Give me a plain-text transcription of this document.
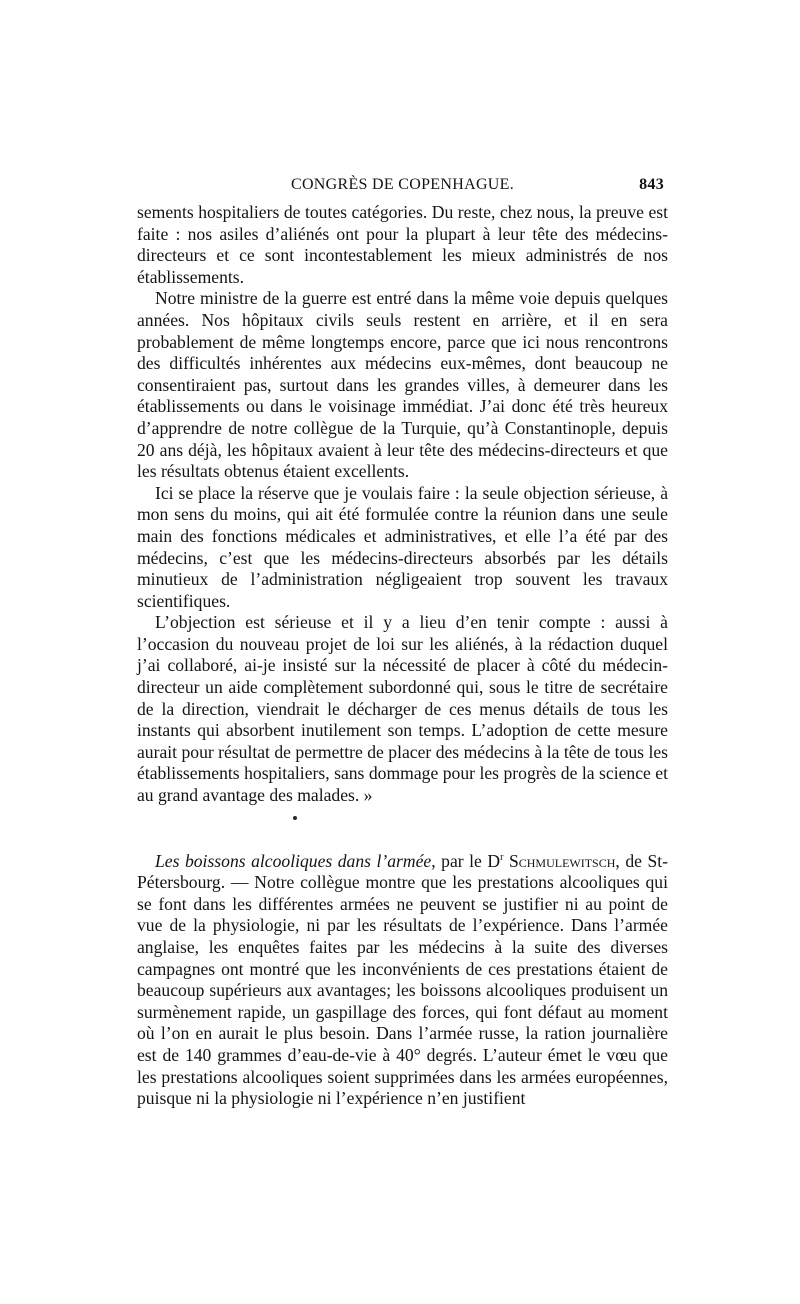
CONGRÈS DE COPENHAGUE.	843

sements hospitaliers de toutes catégories. Du reste, chez nous, la preuve est faite : nos asiles d’aliénés ont pour la plupart à leur tête des médecins-directeurs et ce sont incontestablement les mieux administrés de nos établissements.

Notre ministre de la guerre est entré dans la même voie depuis quelques années. Nos hôpitaux civils seuls restent en arrière, et il en sera probablement de même longtemps encore, parce que ici nous rencontrons des difficultés inhérentes aux médecins eux-mêmes, dont beaucoup ne consentiraient pas, surtout dans les grandes villes, à demeurer dans les établissements ou dans le voisinage immédiat. J’ai donc été très heureux d’apprendre de notre collègue de la Turquie, qu’à Constantinople, depuis 20 ans déjà, les hôpitaux avaient à leur tête des médecins-directeurs et que les résultats obtenus étaient excellents.

Ici se place la réserve que je voulais faire : la seule objection sérieuse, à mon sens du moins, qui ait été formulée contre la réunion dans une seule main des fonctions médicales et administratives, et elle l’a été par des médecins, c’est que les médecins-directeurs absorbés par les détails minutieux de l’administration négligeaient trop souvent les travaux scientifiques.

L’objection est sérieuse et il y a lieu d’en tenir compte : aussi à l’occasion du nouveau projet de loi sur les aliénés, à la rédaction duquel j’ai collaboré, ai-je insisté sur la nécessité de placer à côté du médecin-directeur un aide complètement subordonné qui, sous le titre de secrétaire de la direction, viendrait le décharger de ces menus détails de tous les instants qui absorbent inutilement son temps. L’adoption de cette mesure aurait pour résultat de permettre de placer des médecins à la tête de tous les établissements hospitaliers, sans dommage pour les progrès de la science et au grand avantage des malades. »

Les boissons alcooliques dans l’armée, par le $D^r$ Schmulewitsch, de St-Pétersbourg. — Notre collègue montre que les prestations alcooliques qui se font dans les différentes armées ne peuvent se justifier ni au point de vue de la physiologie, ni par les résultats de l’expérience. Dans l’armée anglaise, les enquêtes faites par les médecins à la suite des diverses campagnes ont montré que les inconvénients de ces prestations étaient de beaucoup supérieurs aux avantages; les boissons alcooliques produisent un surmènement rapide, un gaspillage des forces, qui font défaut au moment où l’on en aurait le plus besoin. Dans l’armée russe, la ration journalière est de 140 grammes d’eau-de-vie à 40° degrés. L’auteur émet le vœu que les prestations alcooliques soient supprimées dans les armées européennes, puisque ni la physiologie ni l’expérience n’en justifient
